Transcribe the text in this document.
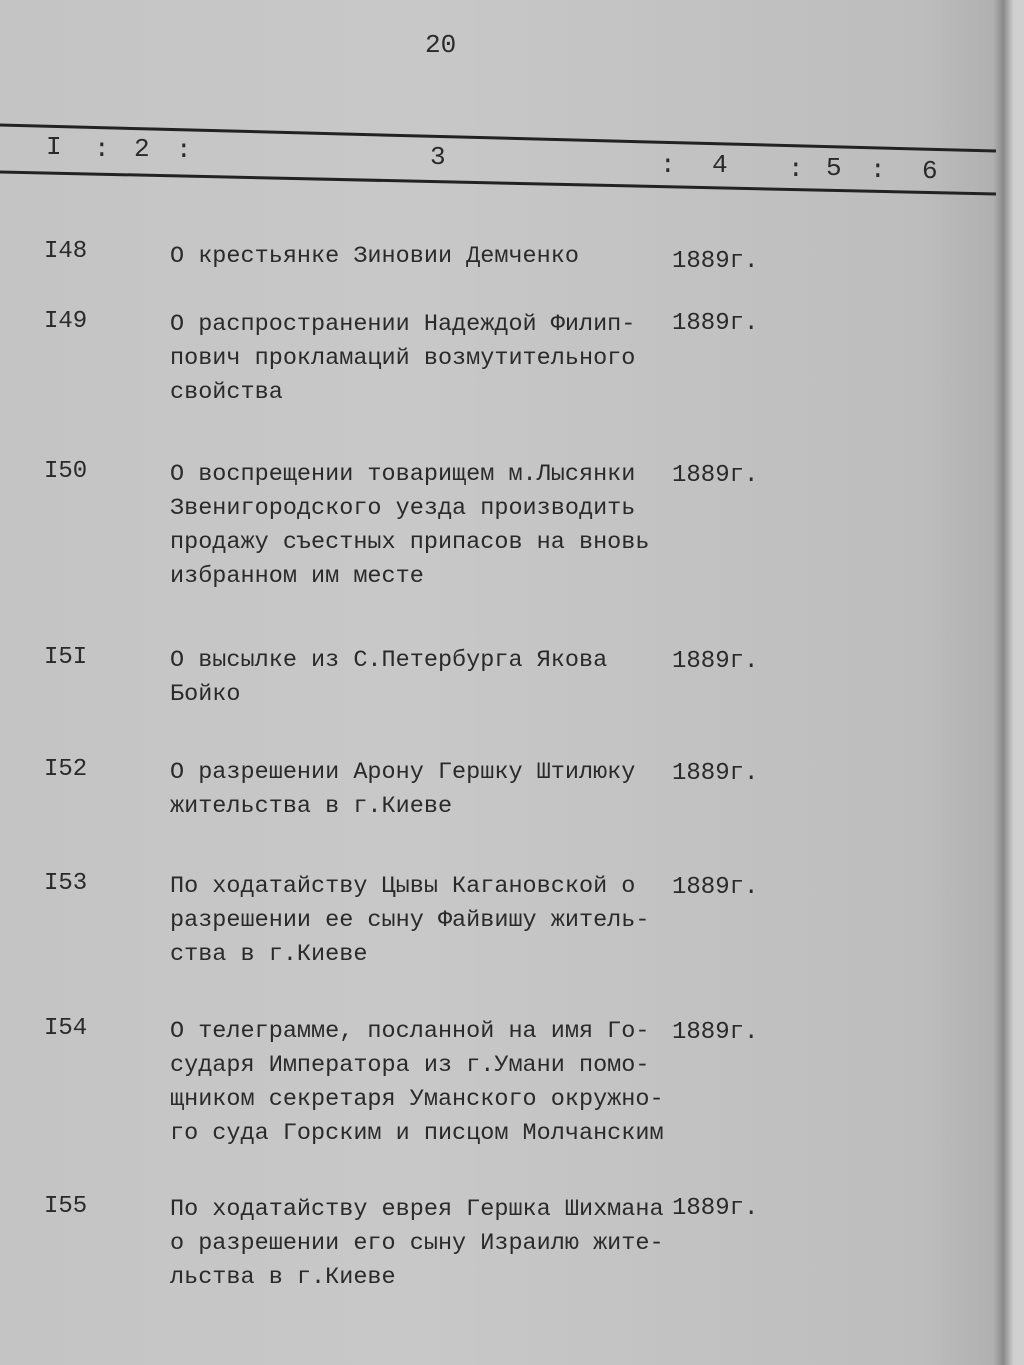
20
I : 2 :	3	: 4 : 5 : 6
I48	О крестьянке Зиновии Демченко	1889г.
I49	О распространении Надеждой Филип-
пович прокламаций возмутительного
свойства
1889г.
I50	О воспрещении товарищем м.Лысянки
Звенигородского уезда производить
продажу съестных припасов на вновь
избранном им месте
1889г.
I5I	О высылке из С.Петербурга Якова
Бойко
1889г.
I52	О разрешении Арону Гершку Штилюку
жительства в г.Киеве
1889г.
I53	По ходатайству Цывы Кагановской о
разрешении ее сыну Файвишу житель-
ства в г.Киеве
1889г.
I54	О телеграмме, посланной на имя Го-
сударя Императора из г.Умани помо-
щником секретаря Уманского окружно-
го суда Горским и писцом Молчанским
1889г.
I55	По ходатайству еврея Гершка Шихмана
о разрешении его сыну Израилю жите-
льства в г.Киеве
1889г.
